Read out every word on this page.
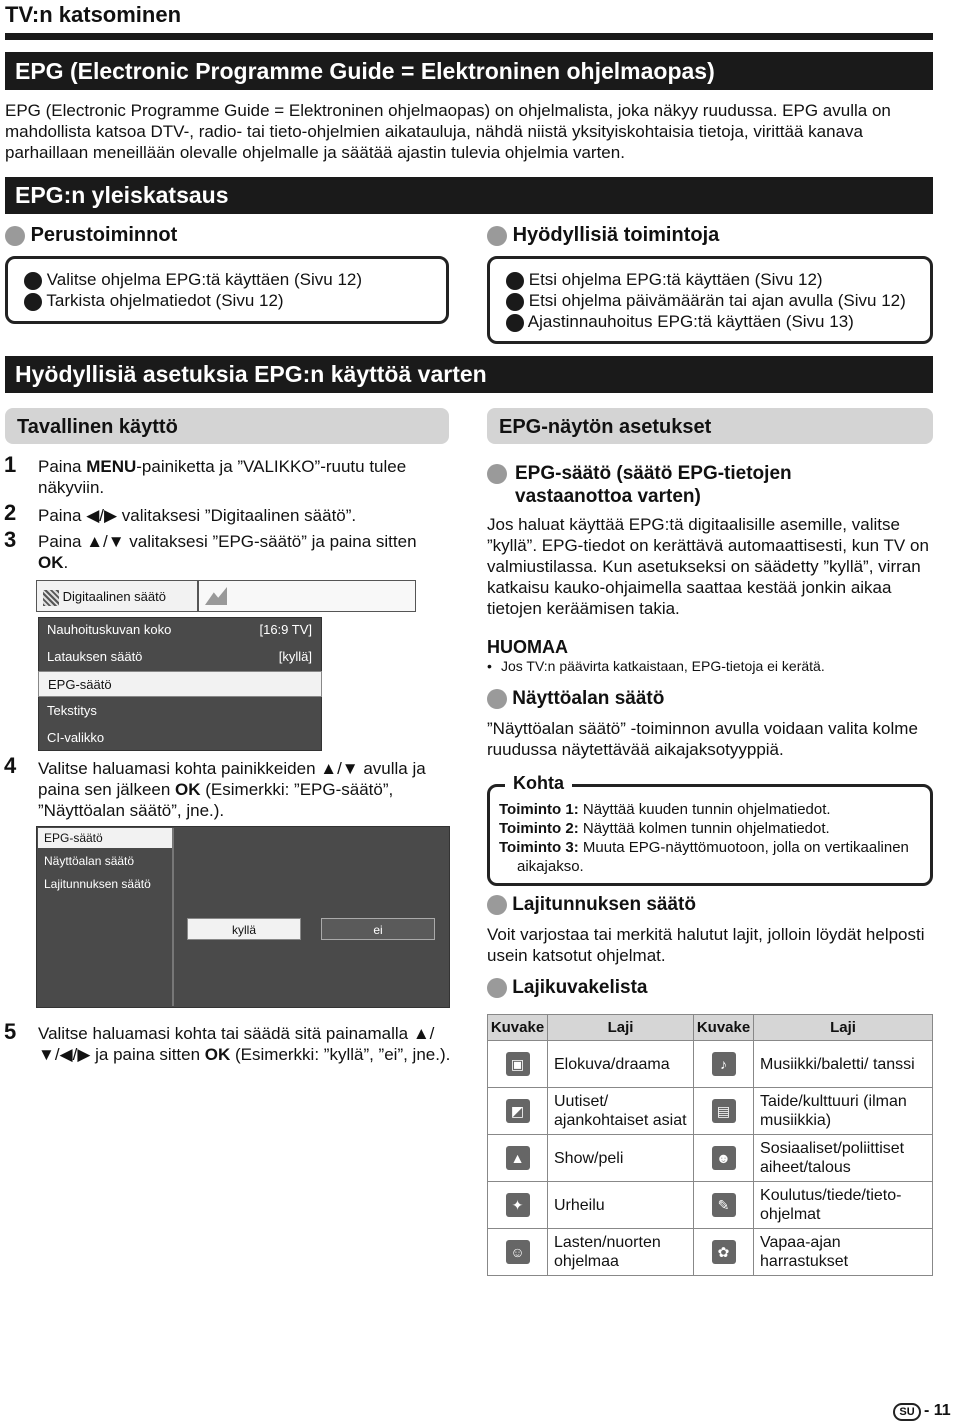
TV:n katsominen
EPG (Electronic Programme Guide = Elektroninen ohjelmaopas)
EPG (Electronic Programme Guide = Elektroninen ohjelmaopas) on ohjelmalista, joka näkyy ruudussa. EPG avulla on mahdollista katsoa DTV-, radio- tai tieto-ohjelmien aikatauluja, nähdä niistä yksityiskohtaisia tietoja, virittää kanava parhaillaan meneillään olevalle ohjelmalle ja säätää ajastin tulevia ohjelmia varten.
EPG:n yleiskatsaus
Perustoiminnot
Valitse ohjelma EPG:tä käyttäen (Sivu 12)
Tarkista ohjelmatiedot (Sivu 12)
Hyödyllisiä toimintoja
Etsi ohjelma EPG:tä käyttäen (Sivu 12)
Etsi ohjelma päivämäärän tai ajan avulla (Sivu 12)
Ajastinnauhoitus EPG:tä käyttäen (Sivu 13)
Hyödyllisiä asetuksia EPG:n käyttöä varten
Tavallinen käyttö
1 Paina MENU-painiketta ja ”VALIKKO”-ruutu tulee näkyviin.
2 Paina ◀/▶ valitaksesi ”Digitaalinen säätö”.
3 Paina ▲/▼ valitaksesi ”EPG-säätö” ja paina sitten OK.
Digitaalinen säätö
Nauhoituskuvan koko	[16:9 TV]
Latauksen säätö	[kyllä]
EPG-säätö
Tekstitys
CI-valikko
4 Valitse haluamasi kohta painikkeiden ▲/▼ avulla ja paina sen jälkeen OK (Esimerkki: ”EPG-säätö”, ”Näyttöalan säätö”, jne.).
EPG-säätö
Näyttöalan säätö
Lajitunnuksen säätö
kyllä	ei
5 Valitse haluamasi kohta tai säädä sitä painamalla ▲/▼/◀/▶ ja paina sitten OK (Esimerkki: ”kyllä”, ”ei”, jne.).
EPG-näytön asetukset
EPG-säätö (säätö EPG-tietojen vastaanottoa varten)
Jos haluat käyttää EPG:tä digitaalisille asemille, valitse ”kyllä”. EPG-tiedot on kerättävä automaattisesti, kun TV on valmiustilassa. Kun asetukseksi on säädetty ”kyllä”, virran katkaisu kauko-ohjaimella saattaa kestää jonkin aikaa tietojen keräämisen takia.
HUOMAA
• Jos TV:n päävirta katkaistaan, EPG-tietoja ei kerätä.
Näyttöalan säätö
”Näyttöalan säätö” -toiminnon avulla voidaan valita kolme ruudussa näytettävää aikajaksotyyppiä.
Kohta
Toiminto 1: Näyttää kuuden tunnin ohjelmatiedot.
Toiminto 2: Näyttää kolmen tunnin ohjelmatiedot.
Toiminto 3: Muuta EPG-näyttömuotoon, jolla on vertikaalinen aikajakso.
Lajitunnuksen säätö
Voit varjostaa tai merkitä halutut lajit, jolloin löydät helposti usein katsotut ohjelmat.
Lajikuvakelista
Kuvake	Laji	Kuvake	Laji
▣	Elokuva/draama	♪	Musiikki/baletti/ tanssi
◩	Uutiset/ ajankohtaiset asiat	▤	Taide/kulttuuri (ilman musiikkia)
▲	Show/peli	☻	Sosiaaliset/poliittiset aiheet/talous
✦	Urheilu	✎	Koulutus/tiede/tieto-ohjelmat
☺	Lasten/nuorten ohjelmaa	✿	Vapaa-ajan harrastukset
SU - 11
